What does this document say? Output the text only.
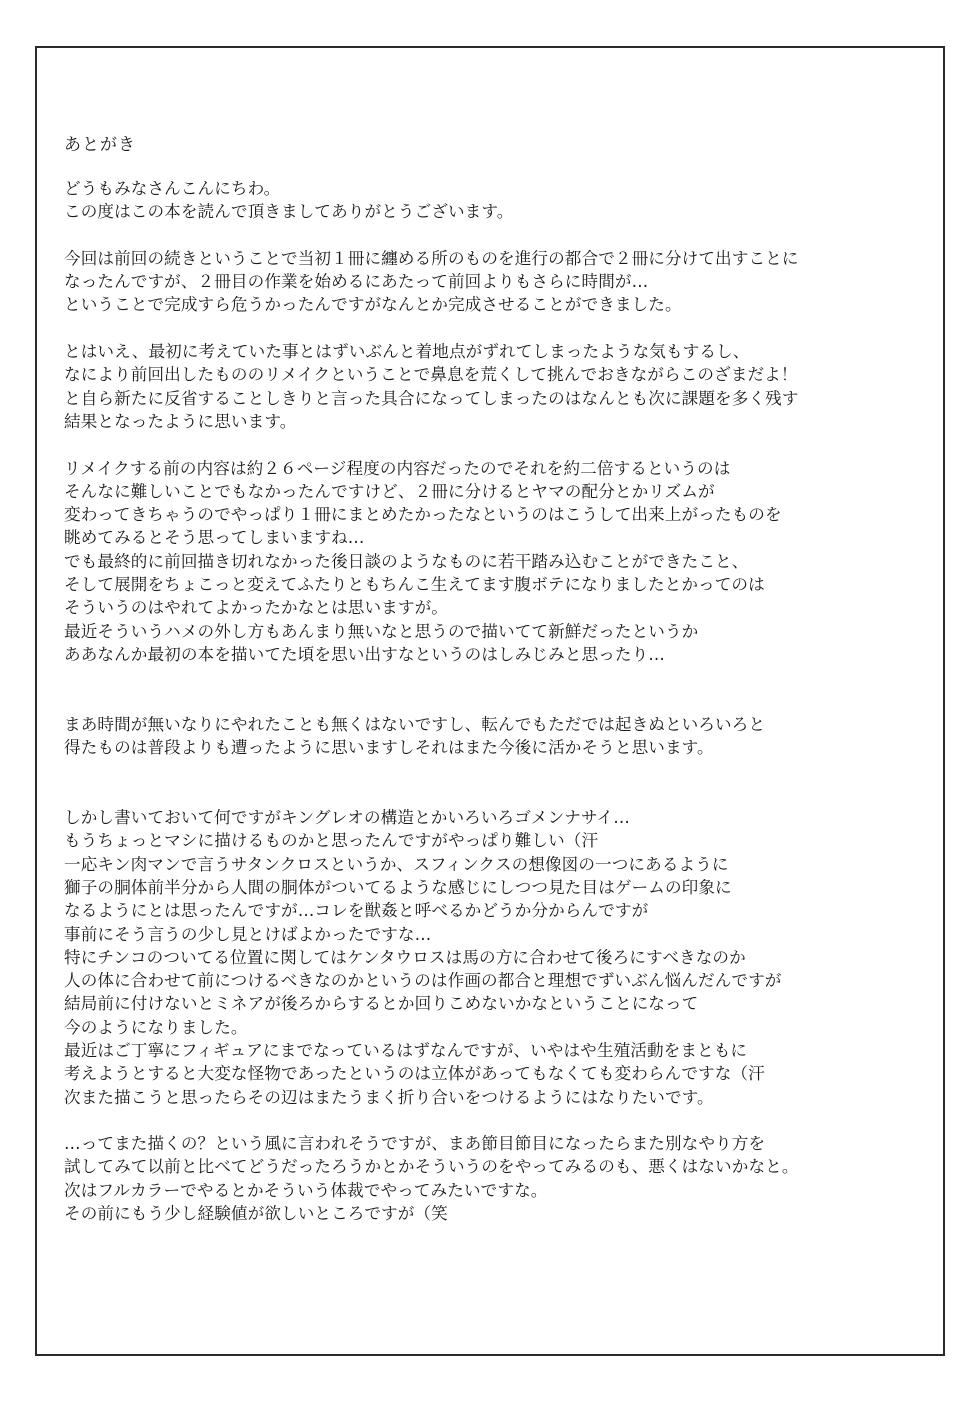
あとがき
どうもみなさんこんにちわ。
この度はこの本を読んで頂きましてありがとうございます。
今回は前回の続きということで当初１冊に纏める所のものを進行の都合で２冊に分けて出すことに
なったんですが、２冊目の作業を始めるにあたって前回よりもさらに時間が…
ということで完成すら危うかったんですがなんとか完成させることができました。
とはいえ、最初に考えていた事とはずいぶんと着地点がずれてしまったような気もするし、
なにより前回出したもののリメイクということで鼻息を荒くして挑んでおきながらこのざまだよ！
と自ら新たに反省することしきりと言った具合になってしまったのはなんとも次に課題を多く残す
結果となったように思います。
リメイクする前の内容は約２６ページ程度の内容だったのでそれを約二倍するというのは
そんなに難しいことでもなかったんですけど、２冊に分けるとヤマの配分とかリズムが
変わってきちゃうのでやっぱり１冊にまとめたかったなというのはこうして出来上がったものを
眺めてみるとそう思ってしまいますね…
でも最終的に前回描き切れなかった後日談のようなものに若干踏み込むことができたこと、
そして展開をちょこっと変えてふたりともちんこ生えてます腹ボテになりましたとかってのは
そういうのはやれてよかったかなとは思いますが。
最近そういうハメの外し方もあんまり無いなと思うので描いてて新鮮だったというか
ああなんか最初の本を描いてた頃を思い出すなというのはしみじみと思ったり…
まあ時間が無いなりにやれたことも無くはないですし、転んでもただでは起きぬといろいろと
得たものは普段よりも遭ったように思いますしそれはまた今後に活かそうと思います。
しかし書いておいて何ですがキングレオの構造とかいろいろゴメンナサイ…
もうちょっとマシに描けるものかと思ったんですがやっぱり難しい（汗
一応キン肉マンで言うサタンクロスというか、スフィンクスの想像図の一つにあるように
獅子の胴体前半分から人間の胴体がついてるような感じにしつつ見た目はゲームの印象に
なるようにとは思ったんですが…コレを獣姦と呼べるかどうか分からんですが
事前にそう言うの少し見とけばよかったですな…
特にチンコのついてる位置に関してはケンタウロスは馬の方に合わせて後ろにすべきなのか
人の体に合わせて前につけるべきなのかというのは作画の都合と理想でずいぶん悩んだんですが
結局前に付けないとミネアが後ろからするとか回りこめないかなということになって
今のようになりました。
最近はご丁寧にフィギュアにまでなっているはずなんですが、いやはや生殖活動をまともに
考えようとすると大変な怪物であったというのは立体があってもなくても変わらんですな（汗
次また描こうと思ったらその辺はまたうまく折り合いをつけるようにはなりたいです。
…ってまた描くの？という風に言われそうですが、まあ節目節目になったらまた別なやり方を
試してみて以前と比べてどうだったろうかとかそういうのをやってみるのも、悪くはないかなと。
次はフルカラーでやるとかそういう体裁でやってみたいですな。
その前にもう少し経験値が欲しいところですが（笑
